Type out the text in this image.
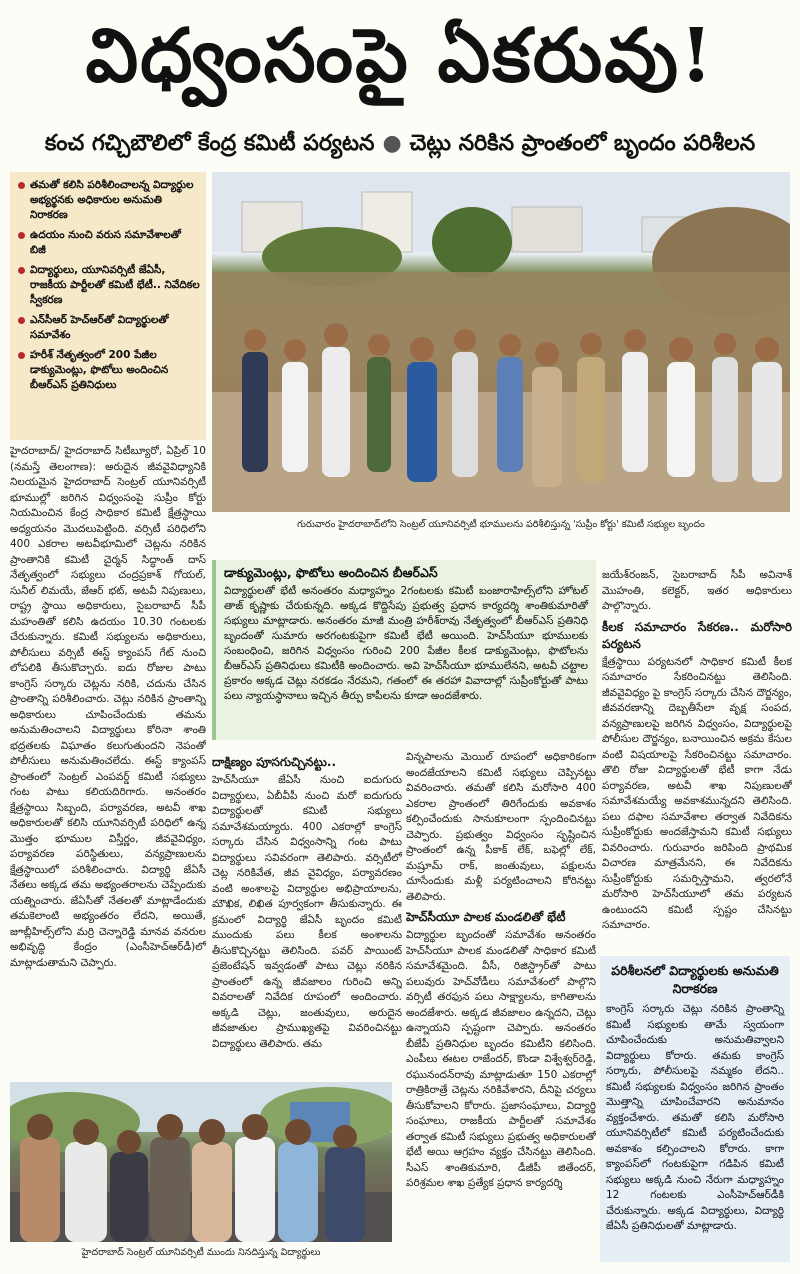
విధ్వంసంపై ఏకరువు!
కంచ గచ్చిబౌలిలో కేంద్ర కమిటీ పర్యటన ● చెట్లు నరికిన ప్రాంతంలో బృందం పరిశీలన
తమతో కలిసి పరిశీలించాలన్న విద్యార్థుల అభ్యర్థనకు అధికారుల అనుమతి నిరాకరణ
ఉదయం నుంచి వరుస సమావేశాలతో బిజీ
విద్యార్థులు, యూనివర్సిటీ జేఏసీ, రాజకీయ పార్టీలతో కమిటీ భేటీ.. నివేదికల స్వీకరణ
ఎన్‌సీఆర్ హెచ్‌ఆర్‌తో విద్యార్థులతో సమావేశం
హరీశ్ నేతృత్వంలో 200 పేజీల డాక్యుమెంట్లు, ఫొటోలు అందించిన బీఆర్ఎస్ ప్రతినిధులు
గురువారం హైదరాబాద్‌లోని సెంట్రల్ యూనివర్సిటీ భూములను పరిశీలిస్తున్న 'సుప్రీం కోర్టు' కమిటీ సభ్యుల బృందం
హైదరాబాద్/ హైదరాబాద్ సిటీబ్యూరో, ఏప్రిల్ 10 (నమస్తే తెలంగాణ): అరుదైన జీవవైవిధ్యానికి నిలయమైన హైదరాబాద్ సెంట్రల్ యూనివర్సిటీ భూముల్లో జరిగిన విధ్వంసంపై సుప్రీం కోర్టు నియమించిన కేంద్ర సాధికార కమిటీ క్షేత్రస్థాయి అధ్యయనం మొదలుపెట్టింది. వర్సిటీ పరిధిలోని 400 ఎకరాల అటవీభూమిలో చెట్లను నరికిన ప్రాంతానికి కమిటీ చైర్మన్ సిద్ధాంత్ దాస్ నేతృత్వంలో సభ్యులు చంద్రప్రకాశ్ గోయల్, సునీల్ లిమయే, జేఆర్ భట్, అటవీ నిపుణులు, రాష్ట్ర స్థాయి అధికారులు, సైబరాబాద్ సీపీ మహంతితో కలిసి ఉదయం 10.30 గంటలకు చేరుకున్నారు. కమిటీ సభ్యులను అధికారులు, పోలీసులు వర్సిటీ ఈస్ట్ క్యాంపస్ గేట్ నుంచి లోపలికి తీసుకొచ్చారు. ఐదు రోజుల పాటు కాంగ్రెస్ సర్కారు చెట్లను నరికి, చదును చేసిన ప్రాంతాన్ని పరిశీలించారు. చెట్లు నరికిన ప్రాంతాన్ని అధికారులు చూపించేందుకు తమను అనుమతించాలని విద్యార్థులు కోరినా శాంతి భద్రతలకు విఘాతం కలుగుతుందని నెపంతో పోలీసులు అనుమతించలేదు. ఈస్ట్ క్యాంపస్ ప్రాంతంలో సెంట్రల్ ఎంపవర్డ్ కమిటీ సభ్యులు గంట పాటు కలియదిరిగారు. అనంతరం క్షేత్రస్థాయి సిబ్బంది, పర్యావరణ, అటవీ శాఖ అధికారులతో కలిసి యూనివర్సిటీ పరిధిలో ఉన్న మొత్తం భూముల విస్తీర్ణం, జీవవైవిధ్యం, పర్యావరణ పరిస్థితులు, వన్యప్రాణులను క్షేత్రస్థాయిలో పరిశీలించారు. విద్యార్థి జేఏసీ నేతలు అక్కడ తమ అభ్యంతరాలను చెప్పేందుకు యత్నించారు. జేఏసీతో నేతలతో మాట్లాడేందుకు తమకెలాంటి అభ్యంతరం లేదని, అయితే, జూబ్లీహిల్స్‌లోని మర్రి చెన్నారెడ్డి మానవ వనరుల అభివృద్ధి కేంద్రం (ఎంసీహెచ్‌ఆర్‌డీ)లో మాట్లాడుతామని చెప్పారు.
డాక్యుమెంట్లు, ఫొటోలు అందించిన బీఆర్ఎస్

విద్యార్థులతో భేటీ అనంతరం మధ్యాహ్నం 2గంటలకు కమిటీ బంజారాహిల్స్‌లోని హోటల్ తాజ్ కృష్ణాకు చేరుకున్నది. అక్కడ కొద్దిసేపు ప్రభుత్వ ప్రధాన కార్యదర్శి శాంతికుమారితో సభ్యులు మాట్లాడారు. అనంతరం మాజీ మంత్రి హరీశ్‌రావు నేతృత్వంలో బీఆర్ఎస్ ప్రతినిధి బృందంతో సుమారు అరగంటకుపైగా కమిటీ భేటీ అయింది. హెచ్‌సీయూ భూములకు సంబంధించి, జరిగిన విధ్వంసం గురించి 200 పేజీల కీలక డాక్యుమెంట్లు, ఫొటోలను బీఆర్ఎస్ ప్రతినిధులు కమిటీకి అందించారు. అవి హెచ్‌సీయూ భూములేనని, అటవీ చట్టాల ప్రకారం అక్కడ చెట్లు నరకడం నేరమని, గతంలో ఈ తరహా వివాదాల్లో సుప్రీంకోర్టుతో పాటు పలు న్యాయస్థానాలు ఇచ్చిన తీర్పు కాపీలను కూడా అందజేశారు.

దాక్షిణ్యం పూసగుచ్చినట్టు..
హెచ్‌సీయూ జేఏసీ నుంచి ఐదుగురు విద్యార్థులు, ఏబీవీపీ నుంచి మరో ఐదుగురు విద్యార్థులతో కమిటీ సభ్యులు సమావేశమయ్యారు. 400 ఎకరాల్లో కాంగ్రెస్ సర్కారు చేసిన విధ్వంసాన్ని గంట పాటు విద్యార్థులు సవివరంగా తెలిపారు. వర్సిటీలో చెట్ల నరికివేత, జీవ వైవిధ్యం, పర్యావరణం వంటి అంశాలపై విద్యార్థుల అభిప్రాయాలను, మౌఖిక, లిఖిత పూర్వకంగా తీసుకున్నారు. ఈ క్రమంలో విద్యార్థి జేఏసీ బృందం కమిటీ ముందుకు పలు కీలక అంశాలను తీసుకొచ్చినట్టు తెలిసింది. పవర్ పాయింట్ ప్రజెంటేషన్ ఇవ్వడంతో పాటు చెట్లు నరికిన ప్రాంతంలో ఉన్న జీవజాలం గురించి అన్ని వివరాలతో నివేదిక రూపంలో అందించారు. అక్కడి చెట్లు, జంతువులు, అరుదైన జీవజాతుల ప్రాముఖ్యతపై వివరించినట్టు విద్యార్థులు తెలిపారు. తమ
విన్నపాలను మెయిల్ రూపంలో అధికారికంగా అందజేయాలని కమిటీ సభ్యులు చెప్పినట్టు వివరించారు. తమతో కలిసి మరోసారి 400 ఎకరాల ప్రాంతంలో తిరిగేందుకు అవకాశం కల్పించేందుకు సానుకూలంగా స్పందించినట్టు చెప్పారు. ప్రభుత్వం విధ్వంసం సృష్టించిన ప్రాంతంలో ఉన్న పీకాక్ లేక్, బఫెల్లో లేక్, మష్రూమ్ రాక్, జంతువులు, పక్షులను చూసేందుకు మళ్లీ పర్యటించాలని కోరినట్టు తెలిపారు.
హెచ్‌సీయూ పాలక మండలితో భేటీ
విద్యార్థుల బృందంతో సమావేశం అనంతరం హెచ్‌సీయూ పాలక మండలితో సాధికార కమిటీ సమావేశమైంది. వీసీ, రిజిస్ట్రార్‌తో పాటు పలువురు హెచ్‌వోడీలు సమావేశంలో పాల్గొని వర్సిటీ తరఫున పలు సాక్ష్యాలను, కాగితాలను అందజేశారు. అక్కడ జీవజాలం ఉన్నదని, చెట్లు ఉన్నాయని స్పష్టంగా చెప్పారు. అనంతరం బీజేపీ ప్రతినిధుల బృందం కమిటీని కలిసింది. ఎంపీలు ఈటల రాజేందర్, కొండా విశ్వేశ్వర్‌రెడ్డి, రఘునందన్‌రావు మాట్లాడుతూ 150 ఎకరాల్లో రాత్రికిరాత్రే చెట్లను నరికివేశారని, దీనిపై చర్యలు తీసుకోవాలని కోరారు. ప్రజాసంఘాలు, విద్యార్థి సంఘాలు, రాజకీయ పార్టీలతో సమావేశం తర్వాత కమిటీ సభ్యులు ప్రభుత్వ అధికారులతో భేటీ అయి ఆగ్రహం వ్యక్తం చేసినట్టు తెలిసింది. సీఎస్ శాంతికుమారి, డీజీపీ జితేందర్, పరిశ్రమల శాఖ ప్రత్యేక ప్రధాన కార్యదర్శి
జయేశ్‌రంజన్, సైబరాబాద్ సీపీ అవినాశ్ మొహంతి, కలెక్టర్, ఇతర అధికారులు పాల్గొన్నారు.
కీలక సమాచారం సేకరణ.. మరోసారి పర్యటన
క్షేత్రస్థాయి పర్యటనలో సాధికార కమిటీ కీలక సమాచారం సేకరించినట్టు తెలిసింది. జీవవైవిధ్యం పై కాంగ్రెస్ సర్కారు చేసిన దౌర్జన్యం, జీవవరణాన్ని దెబ్బతీసేలా వృక్ష సంపద, వన్యప్రాణులపై జరిగిన విధ్వంసం, విద్యార్థులపై పోలీసుల దౌర్జన్యం, బనాయించిన అక్రమ కేసుల వంటి విషయాలపై సేకరించినట్టు సమాచారం. తొలి రోజు విద్యార్థులతో భేటీ కాగా నేడు పర్యావరణ, అటవీ శాఖ నిపుణులతో సమావేశమయ్యే అవకాశమున్నదని తెలిసింది. పలు దఫాల సమావేశాల తర్వాత నివేదికను సుప్రీంకోర్టుకు అందజేస్తామని కమిటీ సభ్యులు వివరించారు. గురువారం జరిపింది ప్రాథమిక విచారణ మాత్రమేనని, ఈ నివేదికను సుప్రీంకోర్టుకు సమర్పిస్తామని, త్వరలోనే మరోసారి హెచ్‌సీయూలో తమ పర్యటన ఉంటుందని కమిటీ స్పష్టం చేసినట్టు సమాచారం.
పరిశీలనలో విద్యార్థులకు అనుమతి నిరాకరణ

కాంగ్రెస్ సర్కారు చెట్లు నరికిన ప్రాంతాన్ని కమిటీ సభ్యులకు తామే స్వయంగా చూపించేందుకు అనుమతివ్వాలని విద్యార్థులు కోరారు. తమకు కాంగ్రెస్ సర్కారు, పోలీసులపై నమ్మకం లేదని.. కమిటీ సభ్యులకు విధ్వంసం జరిగిన ప్రాంతం మొత్తాన్ని చూపించేవారని అనుమానం వ్యక్తంచేశారు. తమతో కలిసి మరోసారి యూనివర్సిటీలో కమిటీ పర్యటించేందుకు అవకాశం కల్పించాలని కోరారు. కాగా క్యాంపస్‌లో గంటకుపైగా గడిపిన కమిటీ సభ్యులు అక్కడి నుంచి నేరుగా మధ్యాహ్నం 12 గంటలకు ఎంసీహెచ్‌ఆర్‌డీకి చేరుకున్నారు. అక్కడ విద్యార్థులు, విద్యార్థి జేఏసీ ప్రతినిధులతో మాట్లాడారు.

హైదరాబాద్ సెంట్రల్ యూనివర్సిటీ ముందు నినదిస్తున్న విద్యార్థులు
